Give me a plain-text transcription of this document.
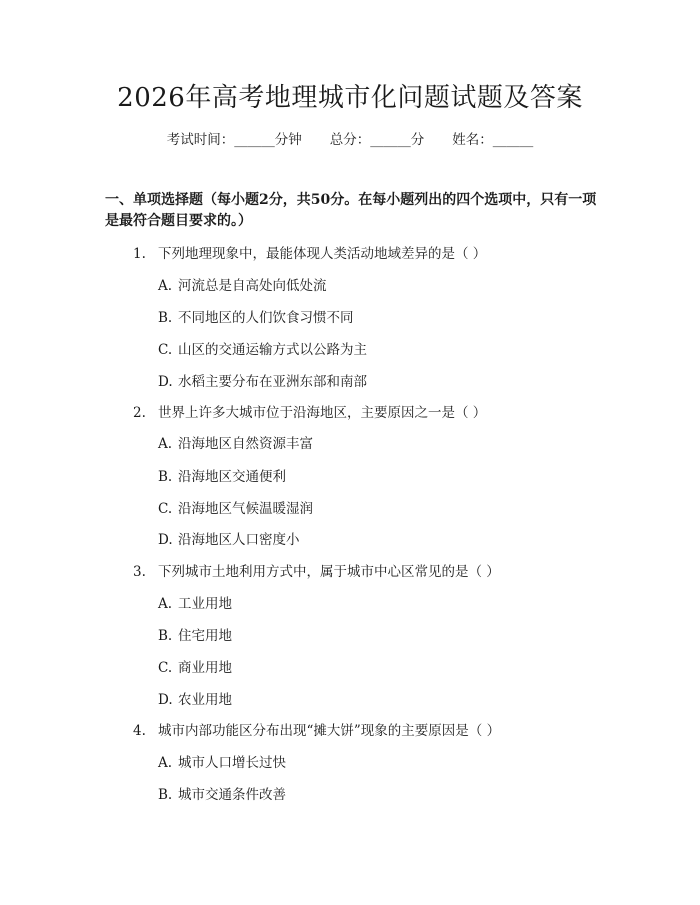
2026年高考地理城市化问题试题及答案
考试时间：______分钟 总分：______分 姓名：______
一、单项选择题（每小题2分，共50分。在每小题列出的四个选项中，只有一项是最符合题目要求的。）
1. 下列地理现象中，最能体现人类活动地域差异的是（ ）
A. 河流总是自高处向低处流
B. 不同地区的人们饮食习惯不同
C. 山区的交通运输方式以公路为主
D. 水稻主要分布在亚洲东部和南部
2. 世界上许多大城市位于沿海地区，主要原因之一是（ ）
A. 沿海地区自然资源丰富
B. 沿海地区交通便利
C. 沿海地区气候温暖湿润
D. 沿海地区人口密度小
3. 下列城市土地利用方式中，属于城市中心区常见的是（ ）
A. 工业用地
B. 住宅用地
C. 商业用地
D. 农业用地
4. 城市内部功能区分布出现“摊大饼”现象的主要原因是（ ）
A. 城市人口增长过快
B. 城市交通条件改善
